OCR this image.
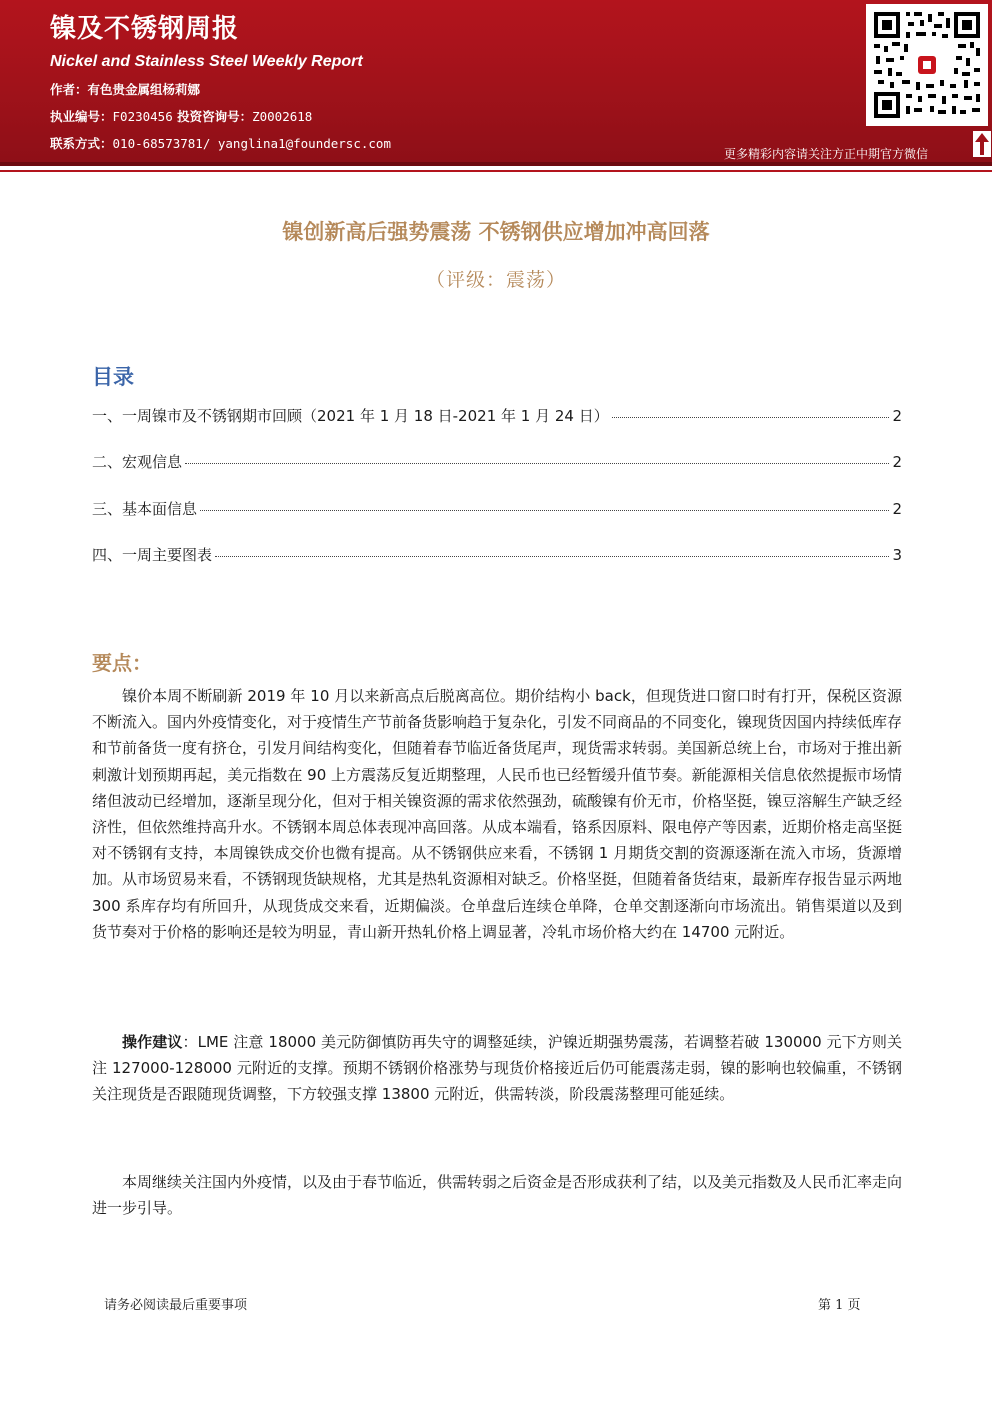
镍及不锈钢周报
Nickel and Stainless Steel Weekly Report
作者：有色贵金属组杨莉娜
执业编号：F0230456 投资咨询号：Z0002618
联系方式：010-68573781/ yanglina1@foundersc.com
更多精彩内容请关注方正中期官方微信
镍创新高后强势震荡 不锈钢供应增加冲高回落
（评级：震荡）
目录
一、一周镍市及不锈钢期市回顾（2021 年 1 月 18 日-2021 年 1 月 24 日）	2
二、宏观信息	2
三、基本面信息	2
四、一周主要图表	3
要点：

镍价本周不断刷新 2019 年 10 月以来新高点后脱离高位。期价结构小 back，但现货进口窗口时有打开，保税区资源不断流入。国内外疫情变化，对于疫情生产节前备货影响趋于复杂化，引发不同商品的不同变化，镍现货因国内持续低库存和节前备货一度有挤仓，引发月间结构变化，但随着春节临近备货尾声，现货需求转弱。美国新总统上台，市场对于推出新刺激计划预期再起，美元指数在 90 上方震荡反复近期整理，人民币也已经暂缓升值节奏。新能源相关信息依然提振市场情绪但波动已经增加，逐渐呈现分化，但对于相关镍资源的需求依然强劲，硫酸镍有价无市，价格坚挺，镍豆溶解生产缺乏经济性，但依然维持高升水。不锈钢本周总体表现冲高回落。从成本端看，铬系因原料、限电停产等因素，近期价格走高坚挺对不锈钢有支持，本周镍铁成交价也微有提高。从不锈钢供应来看，不锈钢 1 月期货交割的资源逐渐在流入市场，货源增加。从市场贸易来看，不锈钢现货缺规格，尤其是热轧资源相对缺乏。价格坚挺，但随着备货结束，最新库存报告显示两地 300 系库存均有所回升，从现货成交来看，近期偏淡。仓单盘后连续仓单降，仓单交割逐渐向市场流出。销售渠道以及到货节奏对于价格的影响还是较为明显，青山新开热轧价格上调显著，冷轧市场价格大约在 14700 元附近。

操作建议：LME 注意 18000 美元防御慎防再失守的调整延续，沪镍近期强势震荡，若调整若破 130000 元下方则关注 127000-128000 元附近的支撑。预期不锈钢价格涨势与现货价格接近后仍可能震荡走弱，镍的影响也较偏重，不锈钢关注现货是否跟随现货调整，下方较强支撑 13800 元附近，供需转淡，阶段震荡整理可能延续。

本周继续关注国内外疫情，以及由于春节临近，供需转弱之后资金是否形成获利了结，以及美元指数及人民币汇率走向进一步引导。

请务必阅读最后重要事项	第 1 页
